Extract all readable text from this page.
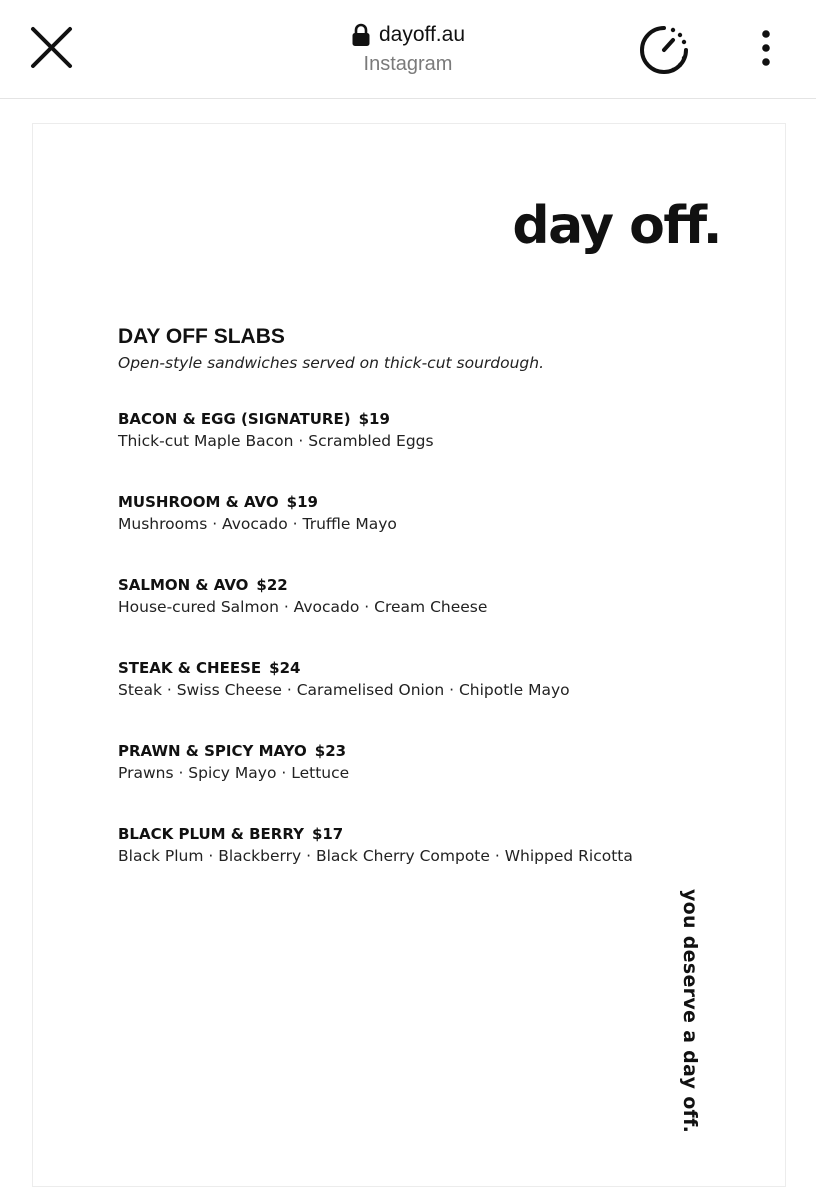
dayoff.au
Instagram
day off.
DAY OFF SLABS
Open-style sandwiches served on thick-cut sourdough.
BACON & EGG (SIGNATURE) $19
Thick-cut Maple Bacon · Scrambled Eggs
MUSHROOM & AVO $19
Mushrooms · Avocado · Truffle Mayo
SALMON & AVO $22
House-cured Salmon · Avocado · Cream Cheese
STEAK & CHEESE $24
Steak · Swiss Cheese · Caramelised Onion · Chipotle Mayo
PRAWN & SPICY MAYO $23
Prawns · Spicy Mayo · Lettuce
BLACK PLUM & BERRY $17
Black Plum · Blackberry · Black Cherry Compote · Whipped Ricotta
you deserve a day off.
